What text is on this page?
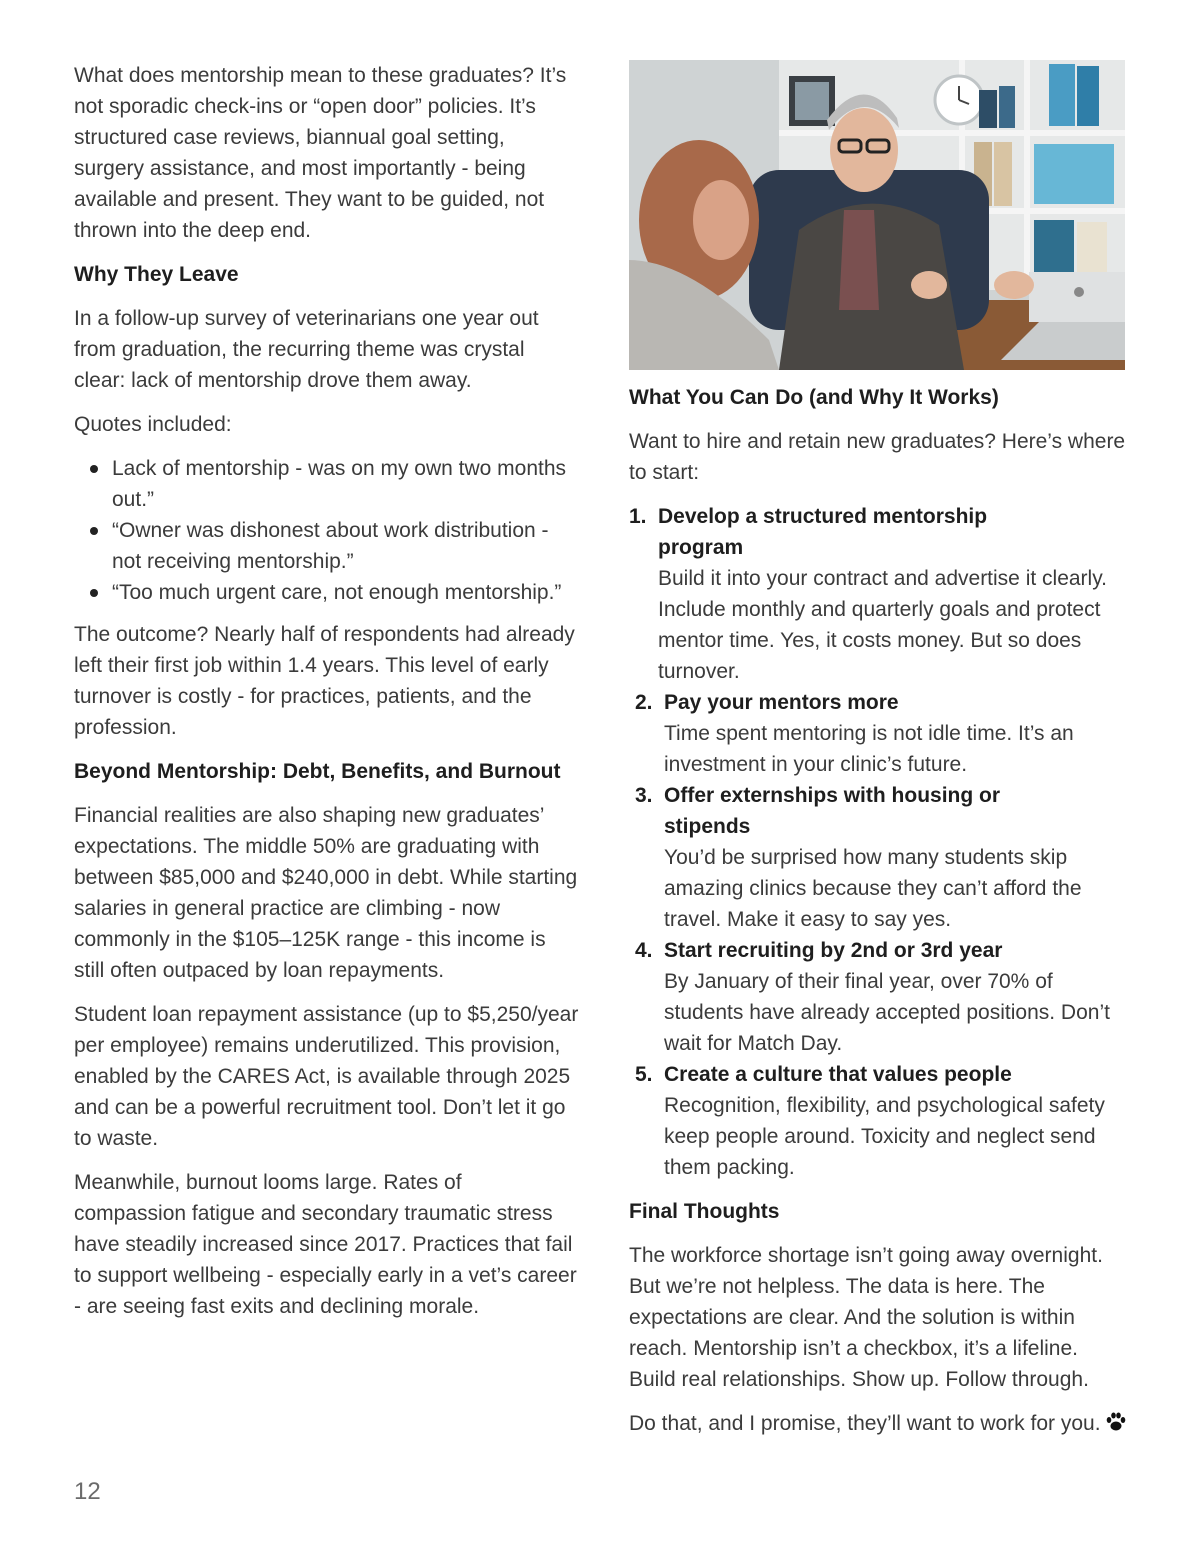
What does mentorship mean to these graduates? It’s not sporadic check-ins or “open door” policies. It’s structured case reviews, biannual goal setting, surgery assistance, and most importantly - being available and present. They want to be guided, not thrown into the deep end.

Why They Leave

In a follow-up survey of veterinarians one year out from graduation, the recurring theme was crystal clear: lack of mentorship drove them away.

Quotes included:

Lack of mentorship - was on my own two months out.”
“Owner was dishonest about work distribution - not receiving mentorship.”
“Too much urgent care, not enough mentorship.”

The outcome? Nearly half of respondents had already left their first job within 1.4 years. This level of early turnover is costly - for practices, patients, and the profession.

Beyond Mentorship: Debt, Benefits, and Burnout

Financial realities are also shaping new graduates’ expectations. The middle 50% are graduating with between $85,000 and $240,000 in debt. While starting salaries in general practice are climbing - now commonly in the $105–125K range - this income is still often outpaced by loan repayments.

Student loan repayment assistance (up to $5,250/year per employee) remains underutilized. This provision, enabled by the CARES Act, is available through 2025 and can be a powerful recruitment tool. Don’t let it go to waste.

Meanwhile, burnout looms large. Rates of compassion fatigue and secondary traumatic stress have steadily increased since 2017. Practices that fail to support wellbeing - especially early in a vet’s career - are seeing fast exits and declining morale.

What You Can Do (and Why It Works)

Want to hire and retain new graduates? Here’s where to start:

1. Develop a structured mentorship
program
Build it into your contract and advertise it clearly. Include monthly and quarterly goals and protect mentor time. Yes, it costs money. But so does turnover.
2. Pay your mentors more
Time spent mentoring is not idle time. It’s an investment in your clinic’s future.
3. Offer externships with housing or
stipends
You’d be surprised how many students skip amazing clinics because they can’t afford the travel. Make it easy to say yes.
4. Start recruiting by 2nd or 3rd year
By January of their final year, over 70% of students have already accepted positions. Don’t wait for Match Day.
5. Create a culture that values people
Recognition, flexibility, and psychological safety keep people around. Toxicity and neglect send them packing.
Final Thoughts

The workforce shortage isn’t going away overnight. But we’re not helpless. The data is here. The expectations are clear. And the solution is within reach. Mentorship isn’t a checkbox, it’s a lifeline. Build real relationships. Show up. Follow through.

Do that, and I promise, they’ll want to work for you.

12
